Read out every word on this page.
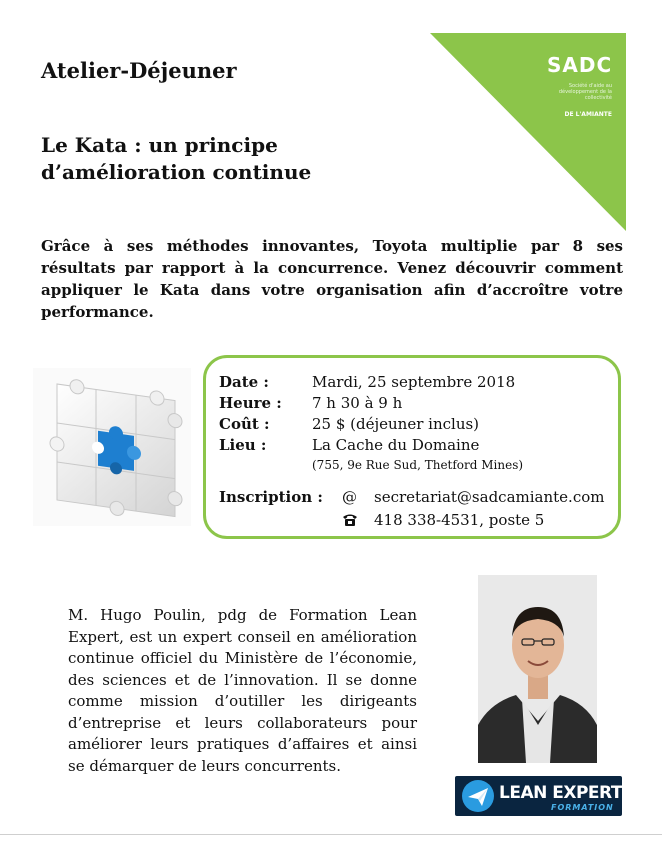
Atelier-Déjeuner
Le Kata : un principe
d’amélioration continue
SADC
Société d'aide au développement de la collectivité
DE L'AMIANTE
Grâce à ses méthodes innovantes, Toyota multiplie par 8 ses résultats par rapport à la concurrence. Venez découvrir comment appliquer le Kata dans votre organisation afin d’accroître votre performance.
Date :	Mardi, 25 septembre 2018
Heure : 7 h 30 à 9 h
Coût :	25 $ (déjeuner inclus)
Lieu :	La Cache du Domaine
(755, 9e Rue Sud, Thetford Mines)
Inscription : @ secretariat@sadcamiante.com
418 338-4531, poste 5
M. Hugo Poulin, pdg de Formation Lean Expert, est un expert conseil en amélioration continue officiel du Ministère de l’économie, des sciences et de l’innovation. Il se donne comme mission d’outiller les dirigeants d’entreprise et leurs collaborateurs pour améliorer leurs pratiques d’affaires et ainsi se démarquer de leurs concurrents.
LEAN EXPERT
FORMATION
